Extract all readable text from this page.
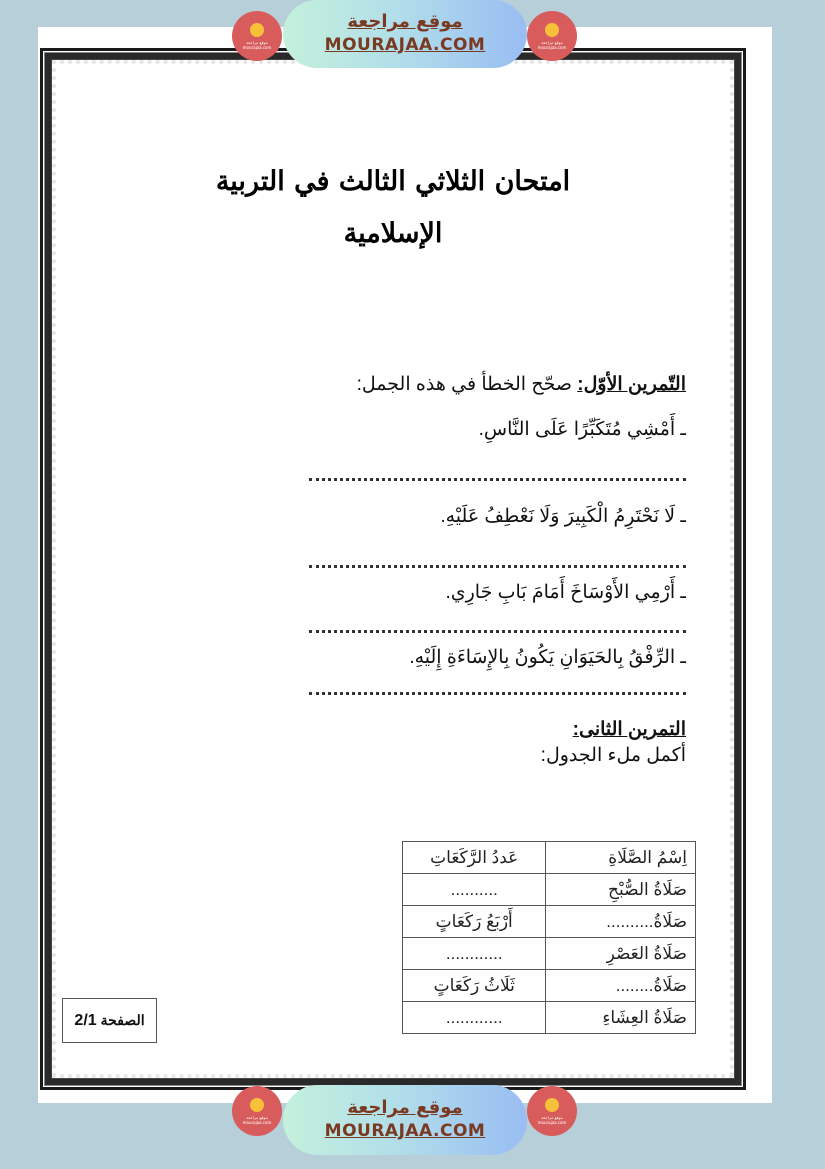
امتحان الثلاثي الثالث في التربية
الإسلامية
التّمرين الأوّل: صحّح الخطأ في هذه الجمل:
ـ أَمْشِي مُتَكَبِّرًا عَلَى النَّاسِ.
ـ لَا نَحْتَرِمُ الْكَبِيرَ وَلَا نَعْطِفُ عَلَيْهِ.
ـ أَرْمِي الأَوْسَاخَ أَمَامَ بَابِ جَارِي.
ـ الرِّفْقُ بِالحَيَوَانِ يَكُونُ بِالإِسَاءَةِ إِلَيْهِ.
التمرين الثانى:
أكمل ملء الجدول:
اِسْمُ الصَّلَاةِ	عَددُ الرَّكَعَاتِ
صَلَاةُ الصُّبْحِ	..........
صَلَاةُ..........	أَرْبَعُ رَكَعَاتٍ
صَلَاةُ العَصْرِ	............
صَلَاةُ........	ثَلَاثُ رَكَعَاتٍ
صَلَاةُ العِشَاءِ	............
الصفحة
2/1
موقع مراجعة
mourajaa.com
موقع مراجعة
MOURAJAA.COM	موقع مراجعة
mourajaa.com
موقع مراجعة
mourajaa.com
موقع مراجعة
MOURAJAA.COM
موقع مراجعة
mourajaa.com
